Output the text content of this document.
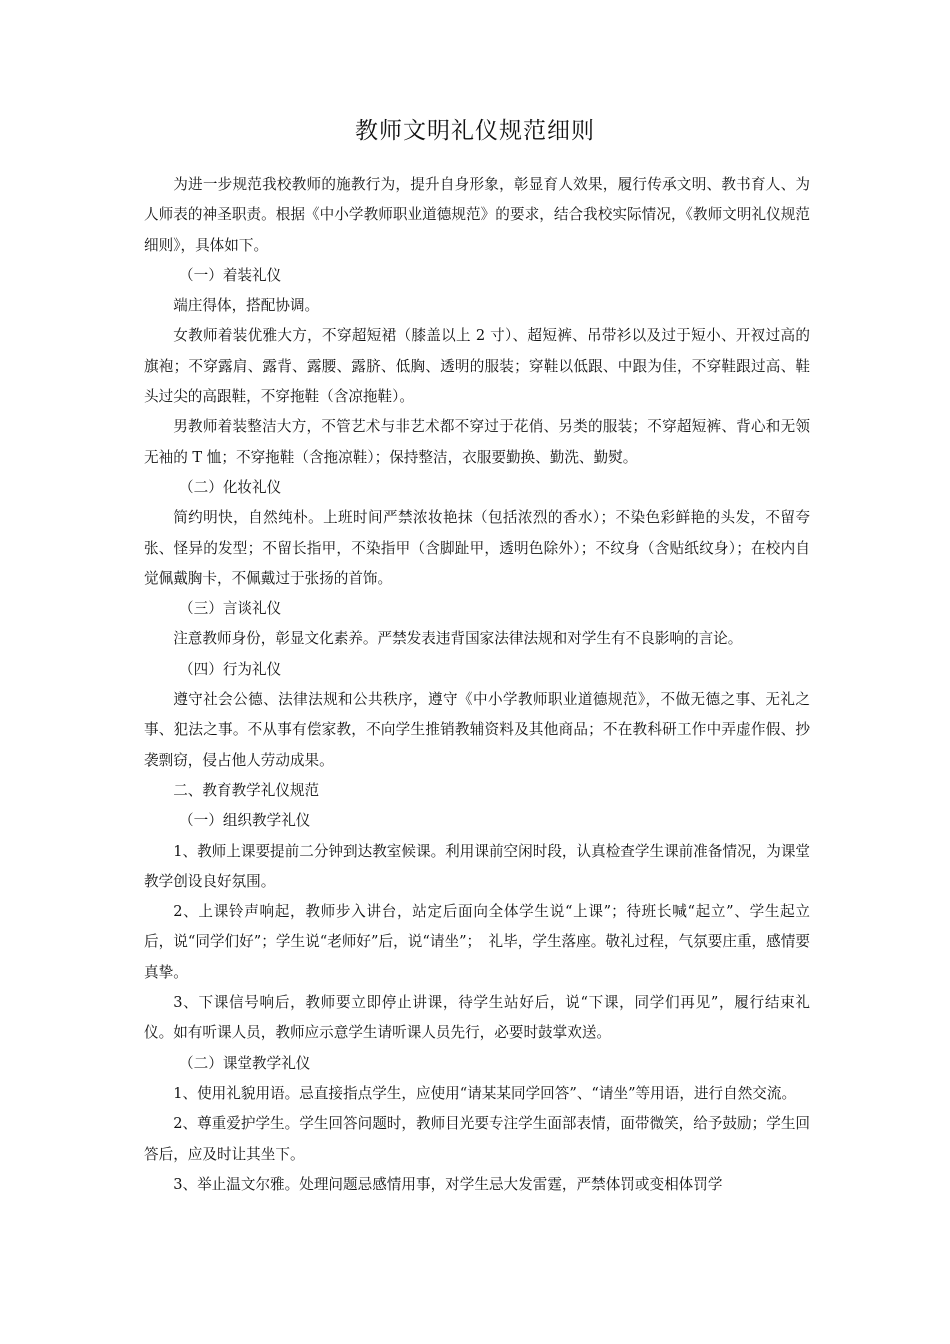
教师文明礼仪规范细则

为进一步规范我校教师的施教行为，提升自身形象，彰显育人效果，履行传承文明、教书育人、为人师表的神圣职责。根据《中小学教师职业道德规范》的要求，结合我校实际情况，《教师文明礼仪规范细则》，具体如下。

（一）着装礼仪

端庄得体，搭配协调。

女教师着装优雅大方，不穿超短裙（膝盖以上 2 寸）、超短裤、吊带衫以及过于短小、开衩过高的旗袍；不穿露肩、露背、露腰、露脐、低胸、透明的服装；穿鞋以低跟、中跟为佳，不穿鞋跟过高、鞋头过尖的高跟鞋，不穿拖鞋（含凉拖鞋）。

男教师着装整洁大方，不管艺术与非艺术都不穿过于花俏、另类的服装；不穿超短裤、背心和无领无袖的 T 恤；不穿拖鞋（含拖凉鞋）；保持整洁，衣服要勤换、勤洗、勤熨。

（二）化妆礼仪

简约明快，自然纯朴。上班时间严禁浓妆艳抹（包括浓烈的香水）；不染色彩鲜艳的头发，不留夸张、怪异的发型；不留长指甲，不染指甲（含脚趾甲，透明色除外）；不纹身（含贴纸纹身）；在校内自觉佩戴胸卡，不佩戴过于张扬的首饰。

（三）言谈礼仪

注意教师身份，彰显文化素养。严禁发表违背国家法律法规和对学生有不良影响的言论。

（四）行为礼仪

遵守社会公德、法律法规和公共秩序，遵守《中小学教师职业道德规范》，不做无德之事、无礼之事、犯法之事。不从事有偿家教，不向学生推销教辅资料及其他商品；不在教科研工作中弄虚作假、抄袭剽窃，侵占他人劳动成果。

二、教育教学礼仪规范

（一）组织教学礼仪

1、教师上课要提前二分钟到达教室候课。利用课前空闲时段，认真检查学生课前准备情况，为课堂教学创设良好氛围。

2、上课铃声响起，教师步入讲台，站定后面向全体学生说“上课”；待班长喊“起立”、学生起立后，说“同学们好”；学生说“老师好”后，说“请坐”；　礼毕，学生落座。敬礼过程，气氛要庄重，感情要真挚。

3、下课信号响后，教师要立即停止讲课，待学生站好后，说“下课，同学们再见”，履行结束礼仪。如有听课人员，教师应示意学生请听课人员先行，必要时鼓掌欢送。

（二）课堂教学礼仪

1、使用礼貌用语。忌直接指点学生，应使用“请某某同学回答”、“请坐”等用语，进行自然交流。

2、尊重爱护学生。学生回答问题时，教师目光要专注学生面部表情，面带微笑，给予鼓励；学生回答后，应及时让其坐下。

3、举止温文尔雅。处理问题忌感情用事，对学生忌大发雷霆，严禁体罚或变相体罚学
